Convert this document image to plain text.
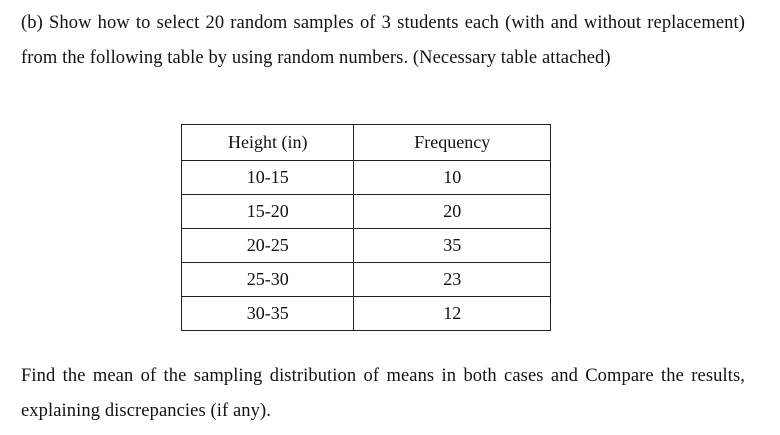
(b) Show how to select 20 random samples of 3 students each (with and without replacement) from the following table by using random numbers. (Necessary table attached)
Height (in)	Frequency
10-15	10
15-20	20
20-25	35
25-30	23
30-35	12
Find the mean of the sampling distribution of means in both cases and Compare the results, explaining discrepancies (if any).
